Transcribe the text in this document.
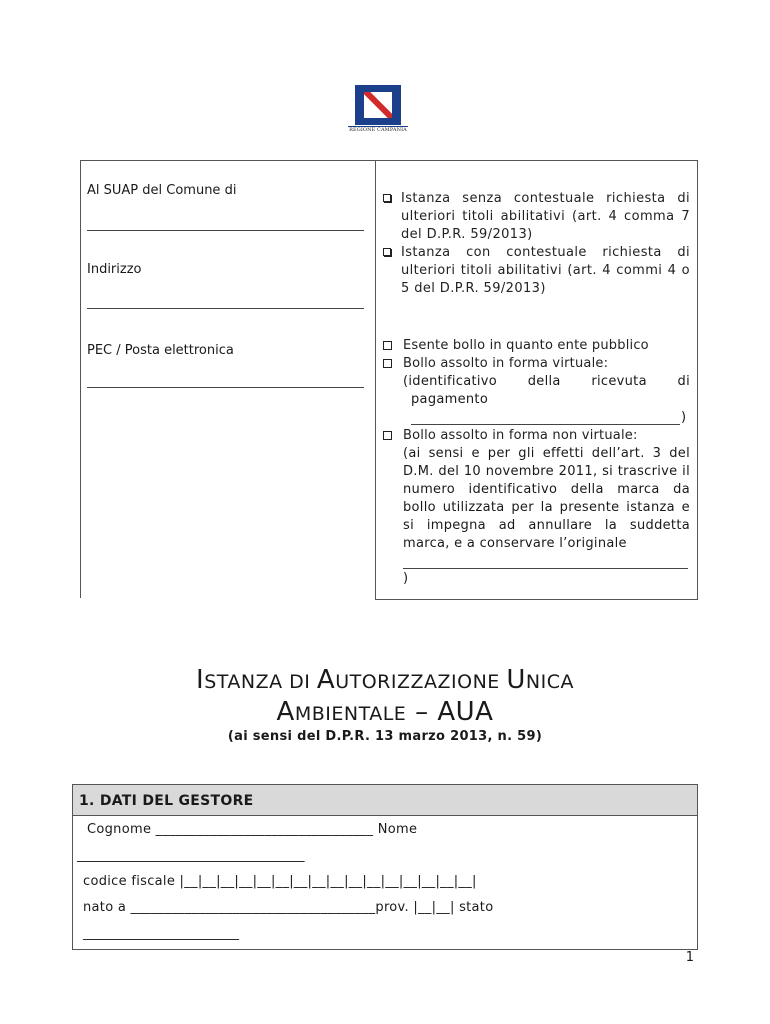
REGIONE CAMPANIA
Al SUAP del Comune di
Indirizzo
PEC / Posta elettronica
Istanza senza contestuale richiesta di ulteriori titoli abilitativi (art. 4 comma 7 del D.P.R. 59/2013)
Istanza con contestuale richiesta di ulteriori titoli abilitativi (art. 4 commi 4 o 5 del D.P.R. 59/2013)
Esente bollo in quanto ente pubblico
Bollo assolto in forma virtuale:
(identificativo della ricevuta di
pagamento
)
Bollo assolto in forma non virtuale:
(ai sensi e per gli effetti dell’art. 3 del D.M. del 10 novembre 2011, si trascrive il numero identificativo della marca da bollo utilizzata per la presente istanza e si impegna ad annullare la suddetta marca, e a conservare l’originale
)
ISTANZA DI AUTORIZZAZIONE UNICA
AMBIENTALE – AUA
(ai sensi del D.P.R. 13 marzo 2013, n. 59)
1. DATI DEL GESTORE
Cognome ________________________________ Nome
___________________________________
codice fiscale |__|__|__|__|__|__|__|__|__|__|__|__|__|__|__|__|
nato a ____________________________________prov. |__|__| stato
________________________
1
